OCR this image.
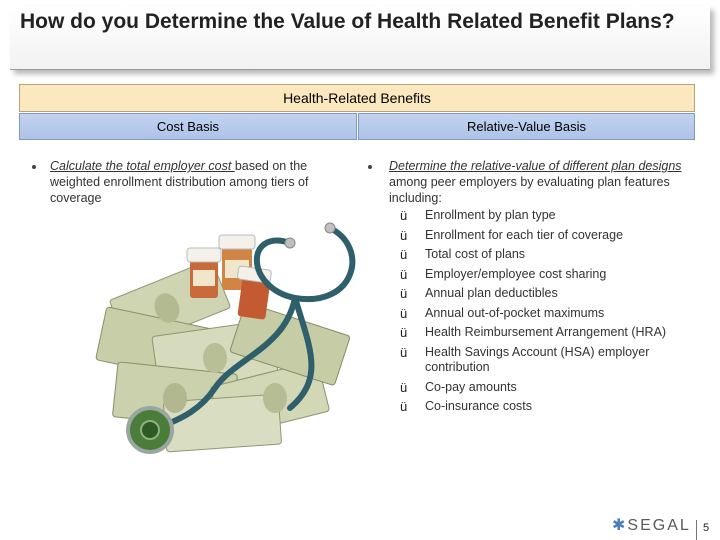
How do you Determine the Value of Health Related Benefit Plans?
Health-Related Benefits
Cost Basis	Relative-Value Basis
Calculate the total employer cost based on the weighted enrollment distribution among tiers of coverage
Determine the relative-value of different plan designs among peer employers by evaluating plan features including:
ü Enrollment by plan type
ü Enrollment for each tier of coverage
ü Total cost of plans
ü Employer/employee cost sharing
ü Annual plan deductibles
ü Annual out-of-pocket maximums
ü Health Reimbursement Arrangement (HRA)
ü Health Savings Account (HSA) employer contribution
ü Co-pay amounts
ü Co-insurance costs
✱ SEGAL 5
